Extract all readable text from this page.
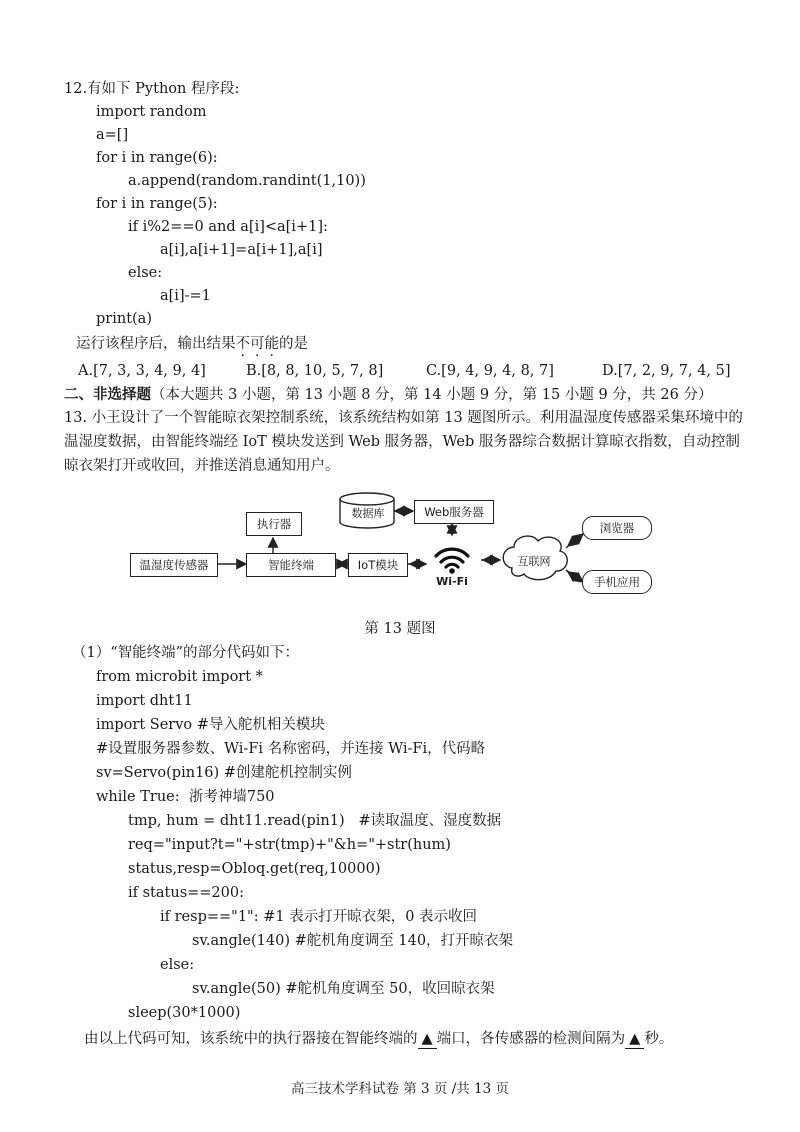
12.有如下 Python 程序段:
import random
a=[]
for i in range(6):
a.append(random.randint(1,10))
for i in range(5):
if i%2==0 and a[i]<a[i+1]:
a[i],a[i+1]=a[i+1],a[i]
else:
a[i]-=1
print(a)
运行该程序后，输出结果不可能的是
A.[7, 3, 3, 4, 9, 4]	B.[8, 8, 10, 5, 7, 8]	C.[9, 4, 9, 4, 8, 7]	D.[7, 2, 9, 7, 4, 5]
二、非选择题（本大题共 3 小题，第 13 小题 8 分，第 14 小题 9 分，第 15 小题 9 分，共 26 分）
13. 小王设计了一个智能晾衣架控制系统，该系统结构如第 13 题图所示。利用温湿度传感器采集环境中的温湿度数据，由智能终端经 IoT 模块发送到 Web 服务器，Web 服务器综合数据计算晾衣指数，自动控制晾衣架打开或收回，并推送消息通知用户。
温湿度传感器	智能终端
执行器
IoT模块
Web服务器
浏览器
手机应用
数据库
Wi-Fi
互联网
第 13 题图
（1）“智能终端”的部分代码如下：
from microbit import *
import dht11
import Servo #导入舵机相关模块
#设置服务器参数、Wi-Fi 名称密码，并连接 Wi-Fi，代码略
sv=Servo(pin16) #创建舵机控制实例
while True:  浙考神墙750
tmp, hum = dht11.read(pin1)   #读取温度、湿度数据
req="input?t="+str(tmp)+"&h="+str(hum)
status,resp=Obloq.get(req,10000)
if status==200:
if resp=="1": #1 表示打开晾衣架，0 表示收回
sv.angle(140) #舵机角度调至 140，打开晾衣架
else:
sv.angle(50) #舵机角度调至 50，收回晾衣架
sleep(30*1000)
由以上代码可知，该系统中的执行器接在智能终端的 ▲ 端口，各传感器的检测间隔为 ▲ 秒。
高三技术学科试卷 第 3 页 /共 13 页
